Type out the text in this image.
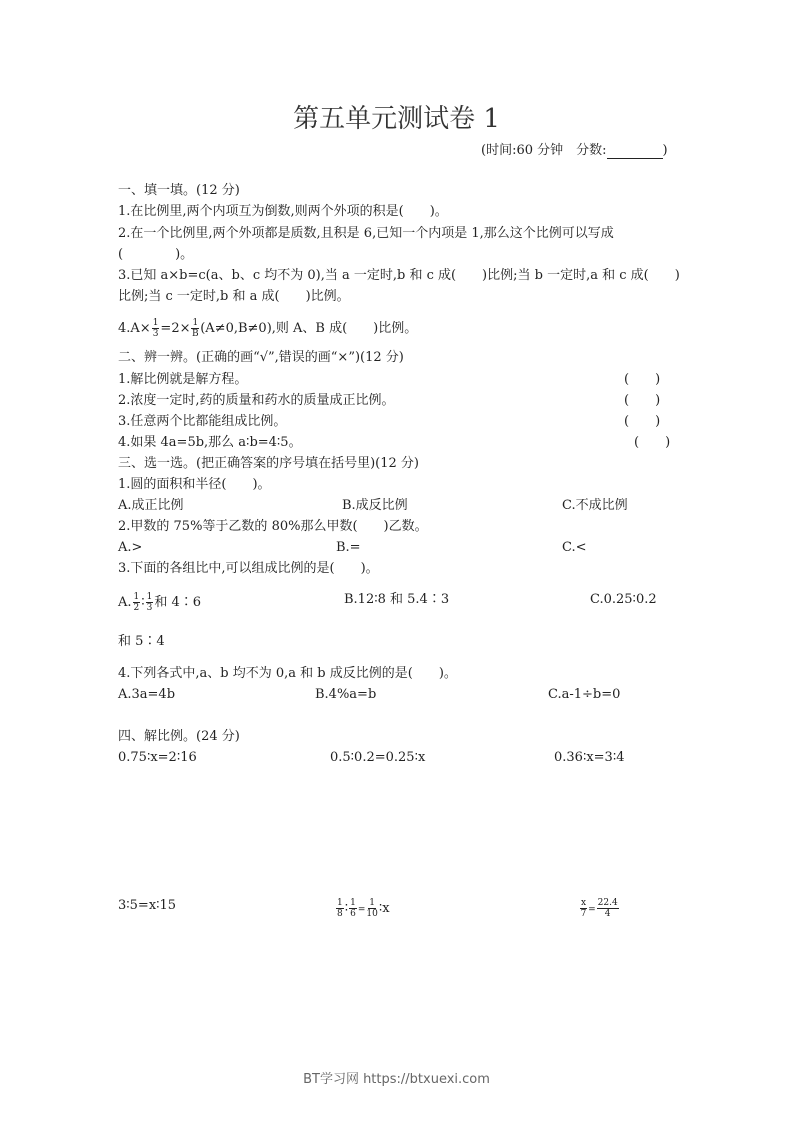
第五单元测试卷 1
(时间:60 分钟　分数:	)
一、填一填。(12 分)
1.在比例里,两个内项互为倒数,则两个外项的积是(　　)。
2.在一个比例里,两个外项都是质数,且积是 6,已知一个内项是 1,那么这个比例可以写成
(　　　　)。
3.已知 a×b=c(a、b、c 均不为 0),当 a 一定时,b 和 c 成(　　)比例;当 b 一定时,a 和 c 成(　　)
比例;当 c 一定时,b 和 a 成(　　)比例。
$4.A\times \frac{1}{3} =2\times \frac{1}{B} (A\ne 0,B\ne 0)$,则 A、B 成(　　)比例。
二、辨一辨。(正确的画“√”,错误的画“×”)(12 分)
1.解比例就是解方程。	(　　)
2.浓度一定时,药的质量和药水的质量成正比例。	(　　)
3.任意两个比都能组成比例。	(　　)
4.如果 4a=5b,那么 a∶b=4∶5。	(　　)
三、选一选。(把正确答案的序号填在括号里)(12 分)
1.圆的面积和半径(　　)。
A.成正比例	B.成反比例	C.不成比例
2.甲数的 75%等于乙数的 80%那么甲数(　　)乙数。
A.>	B.=	C.<
3.下面的各组比中,可以组成比例的是(　　)。
A. $\frac{1}{2}$ ∶ $\frac{1}{3}$ 和 4∶6	B.12∶8 和 5.4∶3	C.0.25∶0.2
和 5∶4
4.下列各式中,a、b 均不为 0,a 和 b 成反比例的是(　　)。
A.3a=4b	B.4%a=b	C.a-1÷b=0
四、解比例。(24 分)
0.75∶x=2∶16	0.5∶0.2=0.25∶x	0.36∶x=3∶4
3∶5=x∶15	$\frac{1}{8}$ ∶ $\frac{1}{6} = \frac{1}{10}$ ∶x	$\frac{x}{7} = \frac{22.4}{4}$
BT学习网 https://btxuexi.com
